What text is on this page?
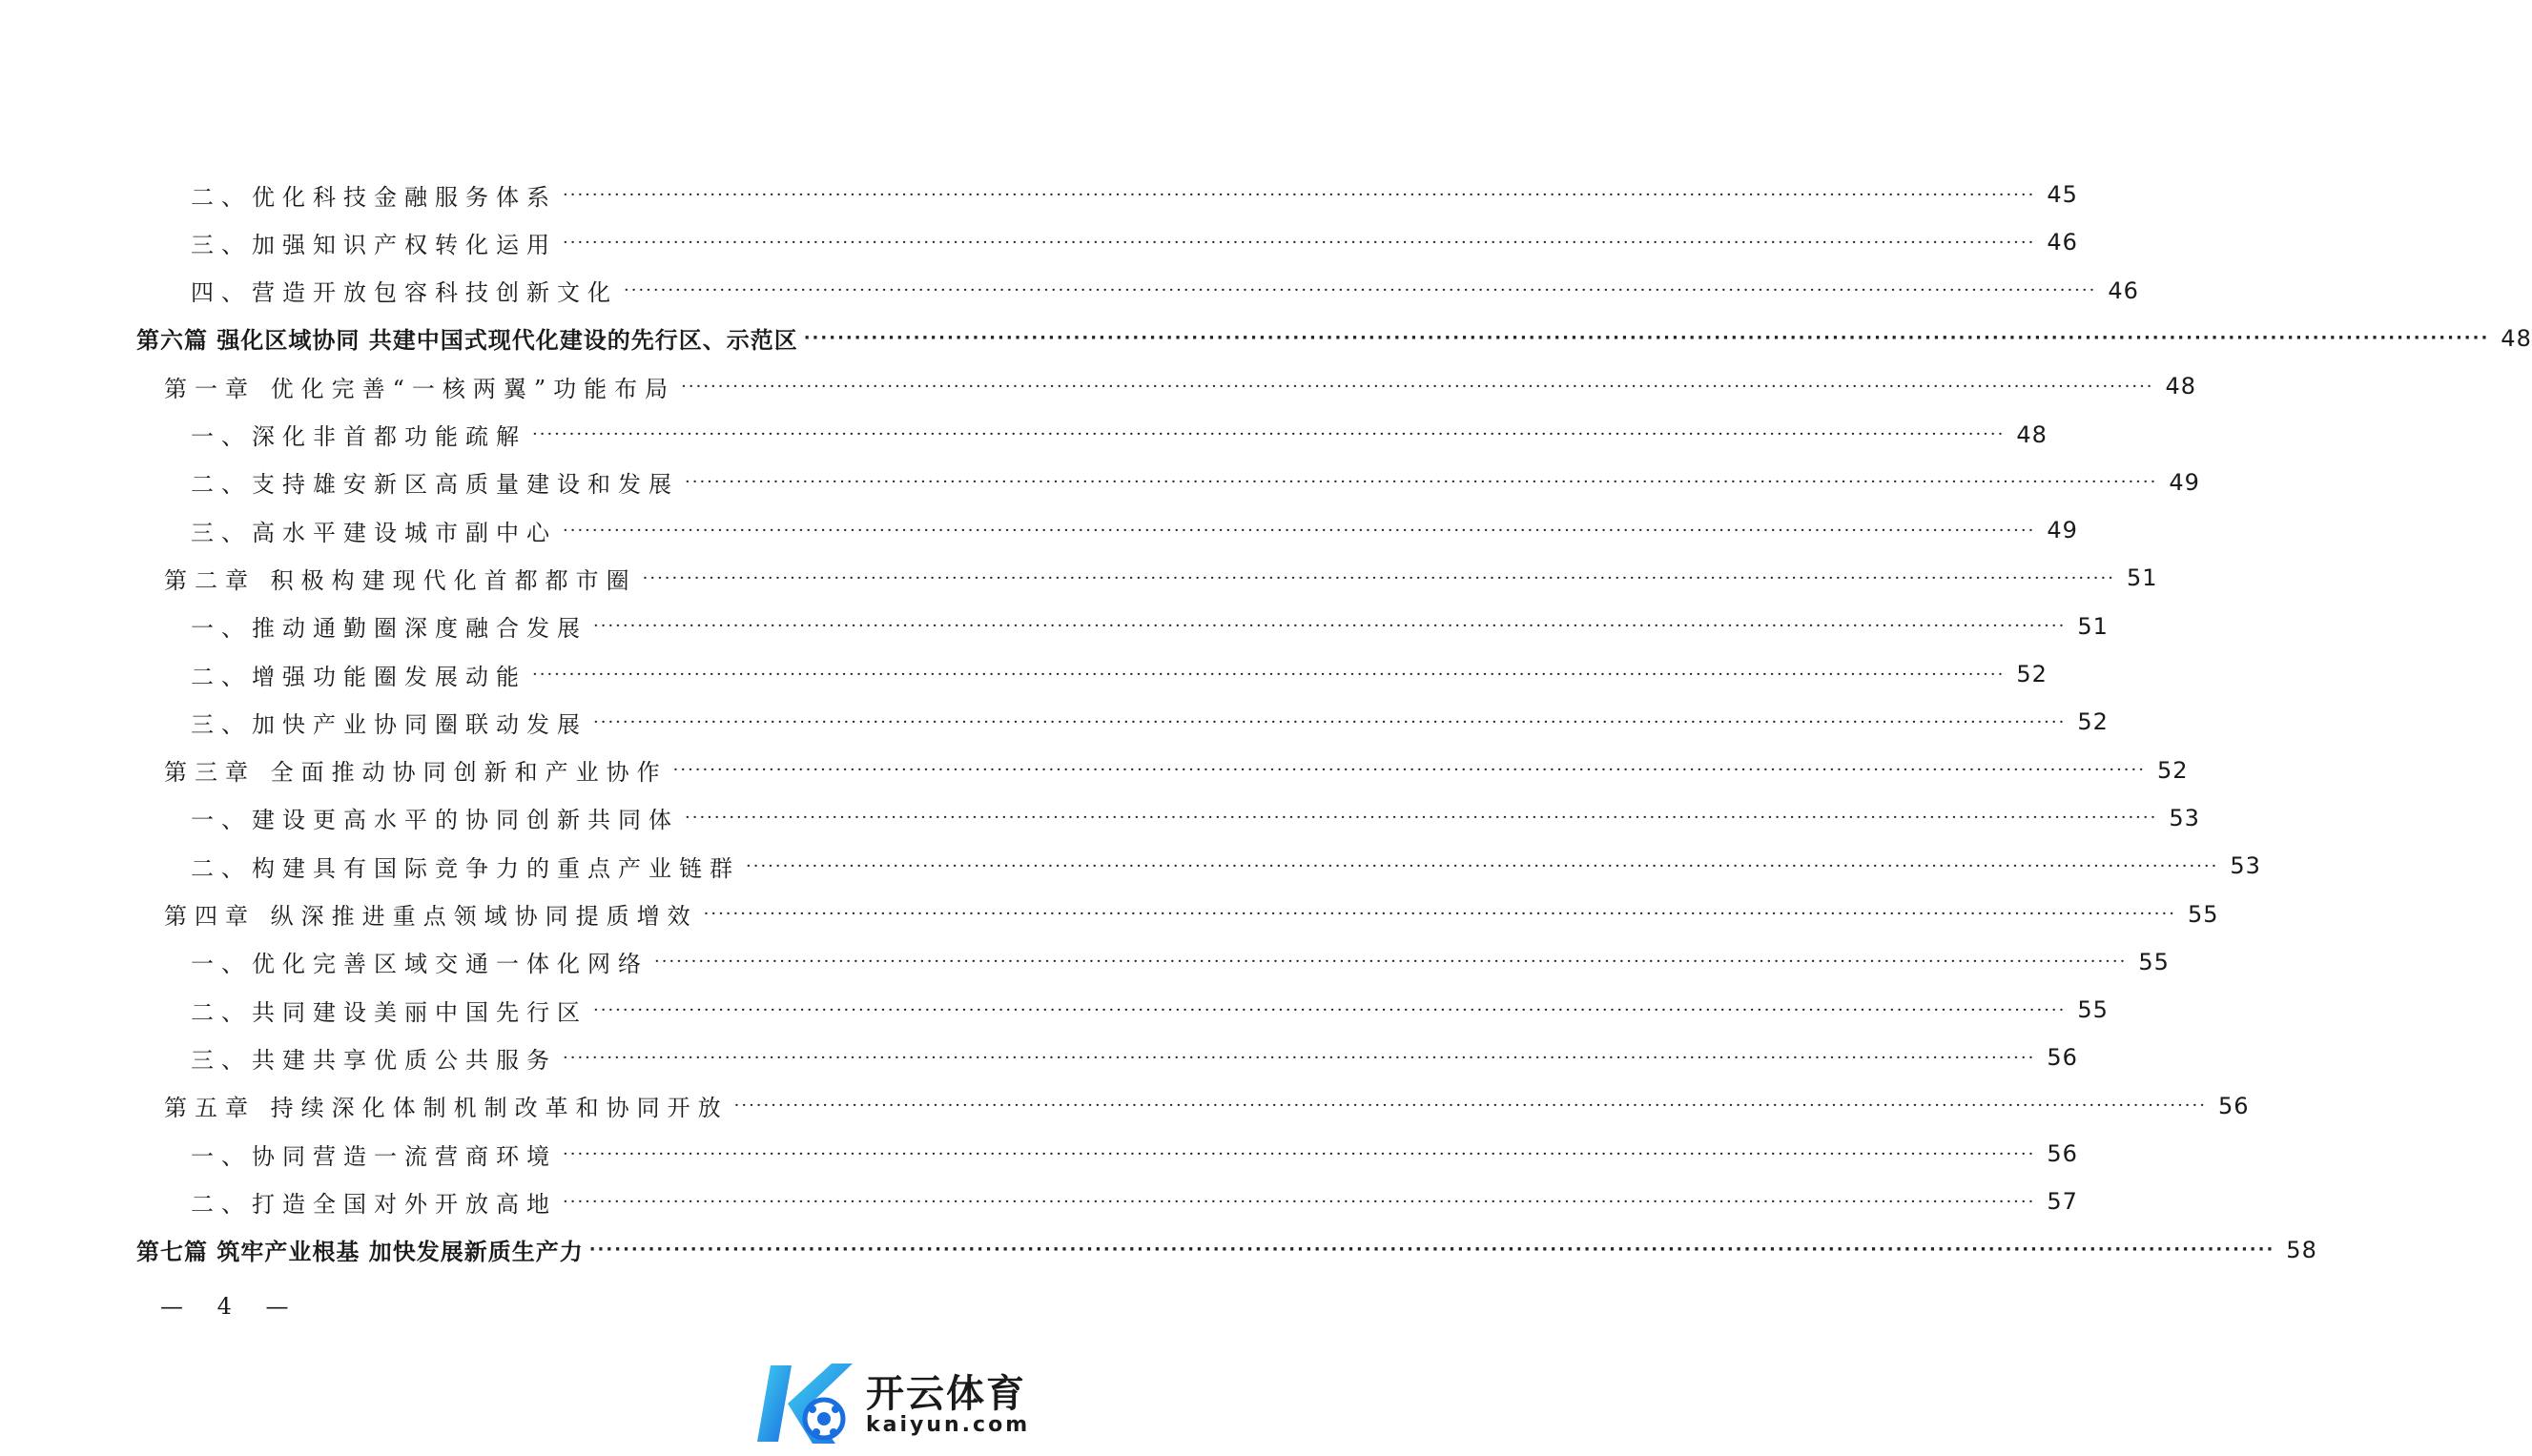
二、优化科技金融服务体系 ········································································································································································································ 45
三、加强知识产权转化运用 ········································································································································································································ 46
四、营造开放包容科技创新文化 ········································································································································································································ 46
第六篇 强化区域协同 共建中国式现代化建设的先行区、示范区 ········································································································································································································ 48
第一章 优化完善“一核两翼”功能布局 ········································································································································································································ 48
一、深化非首都功能疏解 ········································································································································································································ 48
二、支持雄安新区高质量建设和发展 ········································································································································································································ 49
三、高水平建设城市副中心 ········································································································································································································ 49
第二章 积极构建现代化首都都市圈 ········································································································································································································ 51
一、推动通勤圈深度融合发展 ········································································································································································································ 51
二、增强功能圈发展动能 ········································································································································································································ 52
三、加快产业协同圈联动发展 ········································································································································································································ 52
第三章 全面推动协同创新和产业协作 ········································································································································································································ 52
一、建设更高水平的协同创新共同体 ········································································································································································································ 53
二、构建具有国际竞争力的重点产业链群 ········································································································································································································ 53
第四章 纵深推进重点领域协同提质增效 ········································································································································································································ 55
一、优化完善区域交通一体化网络 ········································································································································································································ 55
二、共同建设美丽中国先行区 ········································································································································································································ 55
三、共建共享优质公共服务 ········································································································································································································ 56
第五章 持续深化体制机制改革和协同开放 ········································································································································································································ 56
一、协同营造一流营商环境 ········································································································································································································ 56
二、打造全国对外开放高地 ········································································································································································································ 57
第七篇 筑牢产业根基 加快发展新质生产力 ········································································································································································································ 58
— 4 —
开云体育
kaiyun.com
